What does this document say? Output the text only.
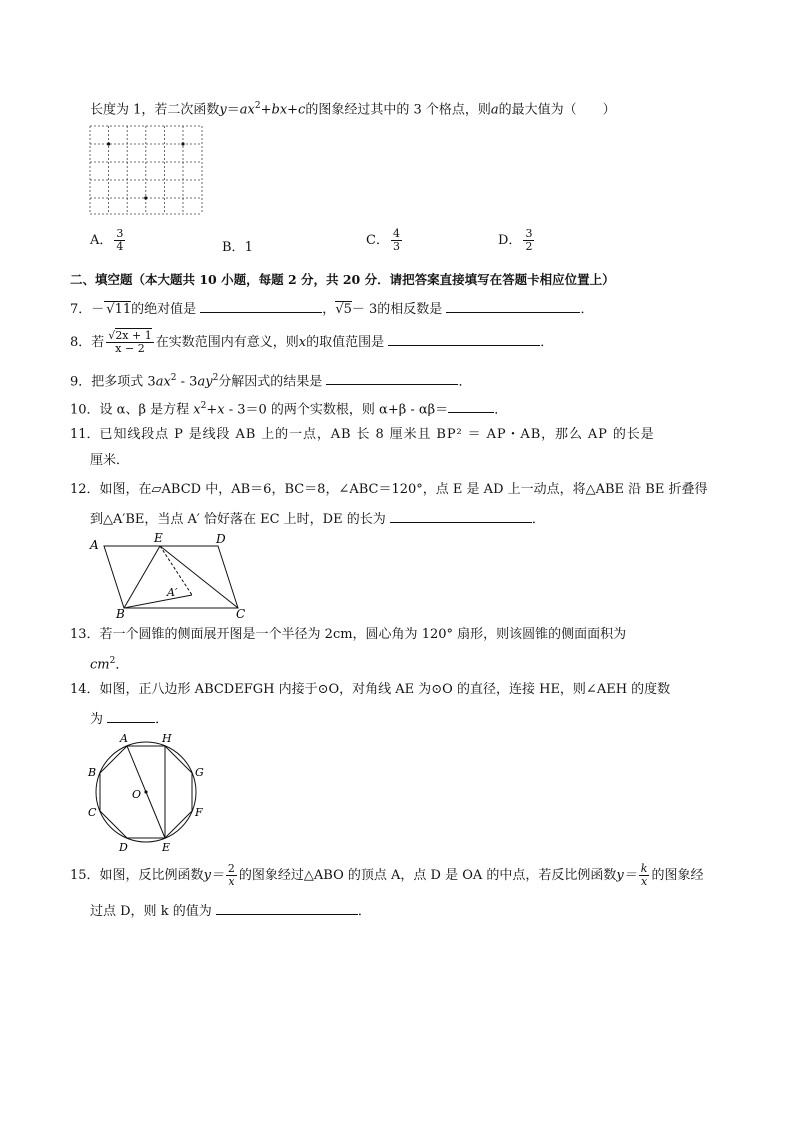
长度为 1，若二次函数$y=ax^2+bx+c$的图象经过其中的 3 个格点，则a的最大值为（　　）
A． $\frac{3}{4}$	B．1	C． $\frac{4}{3}$	D． $\frac{3}{2}$
二、填空题（本大题共 10 小题，每题 2 分，共 20 分．请把答案直接填写在答题卡相应位置上）
7．－ √11的绝对值是	，√5－ 3的相反数是	．
8．若 $\frac{√2x + 1}{x - 2}$ 在实数范围内有意义，则x的取值范围是	．
9．把多项式 $3ax^2 - 3ay^2$分解因式的结果是	．
10．设 α、β 是方程 $x^2+x - 3=0$ 的两个实数根，则 α+β - αβ＝	．
11．已知线段点 P 是线段 AB 上的一点，AB 长 8 厘米且 BP² ＝ AP・AB，那么 AP 的长是
厘米．
12．如图，在▱ABCD 中，AB＝6，BC＝8，∠ABC＝120°，点 E 是 AD 上一动点，将△ABE 沿 BE 折叠得
到△A′BE，当点 A′ 恰好落在 EC 上时，DE 的长为	．
A	E	D
B	C
A′
13．若一个圆锥的侧面展开图是一个半径为 2cm，圆心角为 120° 扇形，则该圆锥的侧面面积为
$cm^2$．
14．如图，正八边形 ABCDEFGH 内接于⊙O，对角线 AE 为⊙O 的直径，连接 HE，则∠AEH 的度数
为	．
A	H
B	G
C	F
D	E
O
15．如图，反比例函数$y= \frac{2}{x}$ 的图象经过△ABO 的顶点 A，点 D 是 OA 的中点，若反比例函数$y= \frac{k}{x}$ 的图象经
过点 D，则 k 的值为	．
